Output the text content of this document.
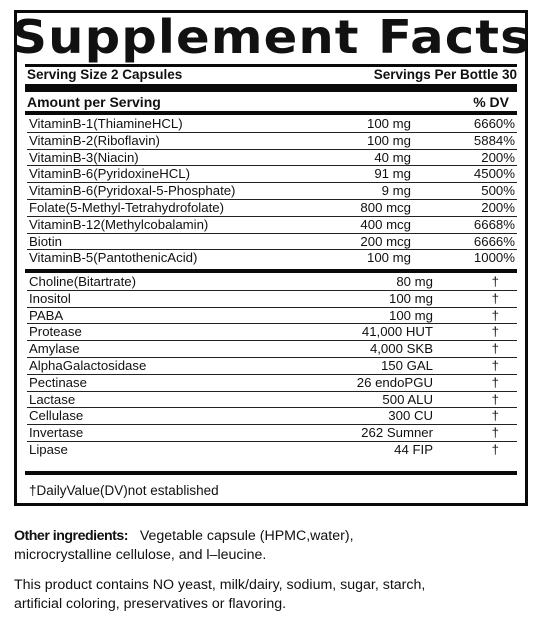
Supplement Facts
Serving Size 2 Capsules	Servings Per Bottle 30
Amount per Serving	% DV
VitaminB-1(ThiamineHCL)	100 mg	6660%
VitaminB-2(Riboflavin)	100 mg	5884%
VitaminB-3(Niacin)	40 mg	200%
VitaminB-6(PyridoxineHCL)	91 mg	4500%
VitaminB-6(Pyridoxal-5-Phosphate)	9 mg	500%
Folate(5-Methyl-Tetrahydrofolate)	800 mcg	200%
VitaminB-12(Methylcobalamin)	400 mcg	6668%
Biotin	200 mcg	6666%
VitaminB-5(PantothenicAcid)	100 mg	1000%
Choline(Bitartrate)	80 mg	†
Inositol	100 mg	†
PABA	100 mg	†
Protease	41,000 HUT	†
Amylase	4,000 SKB	†
AlphaGalactosidase	150 GAL	†
Pectinase	26 endoPGU	†
Lactase	500 ALU	†
Cellulase	300 CU	†
Invertase	262 Sumner	†
Lipase	44 FIP	†
†DailyValue(DV)not established
Other ingredients: Vegetable capsule (HPMC,water),
microcrystalline cellulose, and l–leucine.
This product contains NO yeast, milk/dairy, sodium, sugar, starch,
artificial coloring, preservatives or flavoring.
